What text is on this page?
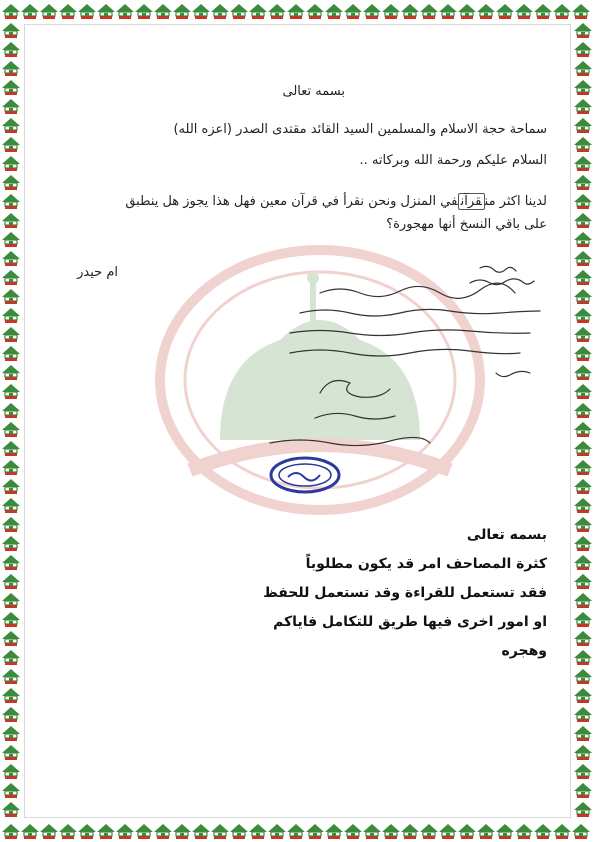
بسمه تعالى
سماحة حجة الاسلام والمسلمين السيد القائد مقتدى الصدر (اعزه الله)
السلام عليكم ورحمة الله وبركاته ..
لدينا اكثر منقرآنفي المنزل ونحن نقرأ في قرآن معين فهل هذا يجوز هل ينطبق
على باقي النسخ أنها مهجورة؟
ام حيدر
بسمه تعالى
كثرة المصاحف امر قد يكون مطلوباً
فقد تستعمل للقراءة وقد تستعمل للحفظ
او امور اخرى فيها طريق للتكامل فاياكم
وهجره
